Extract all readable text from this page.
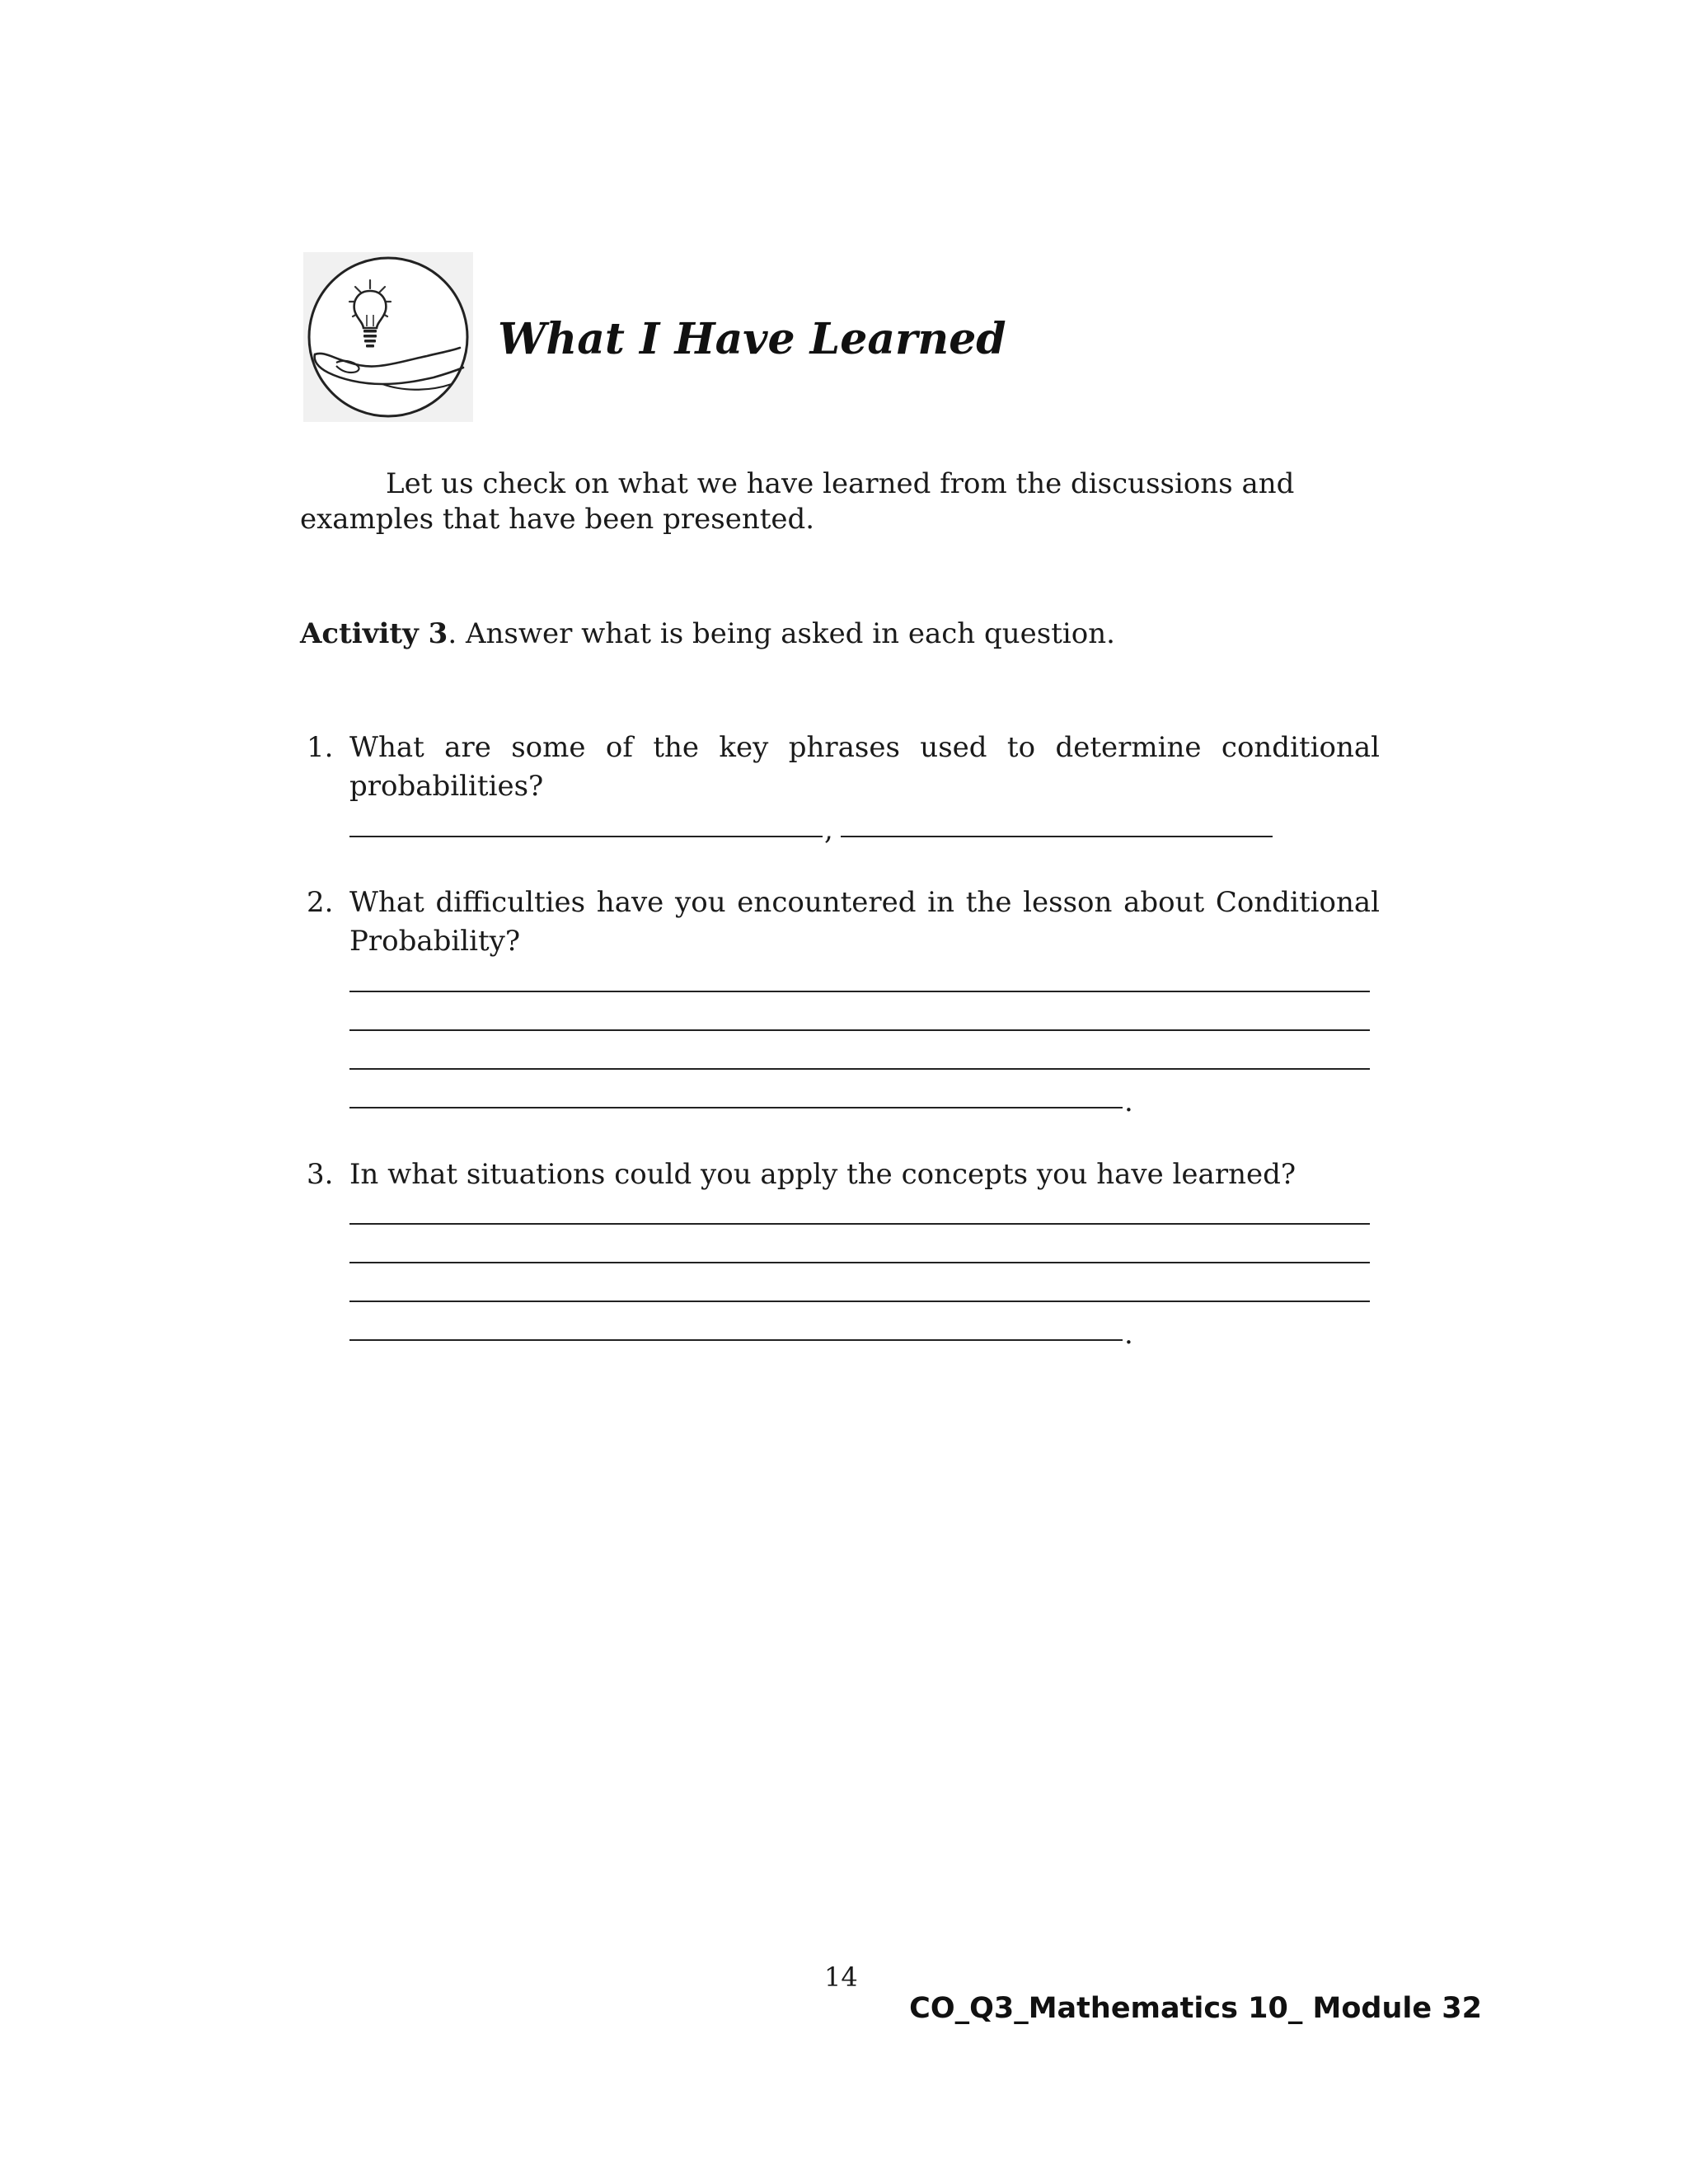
What I Have Learned

Let us check on what we have learned from the discussions and examples that have been presented.

Activity 3. Answer what is being asked in each question.

1. What are some of the key phrases used to determine conditional probabilities?
,
2. What difficulties have you encountered in the lesson about Conditional Probability?
.
3. In what situations could you apply the concepts you have learned?
.
14
CO_Q3_Mathematics 10_ Module 32
